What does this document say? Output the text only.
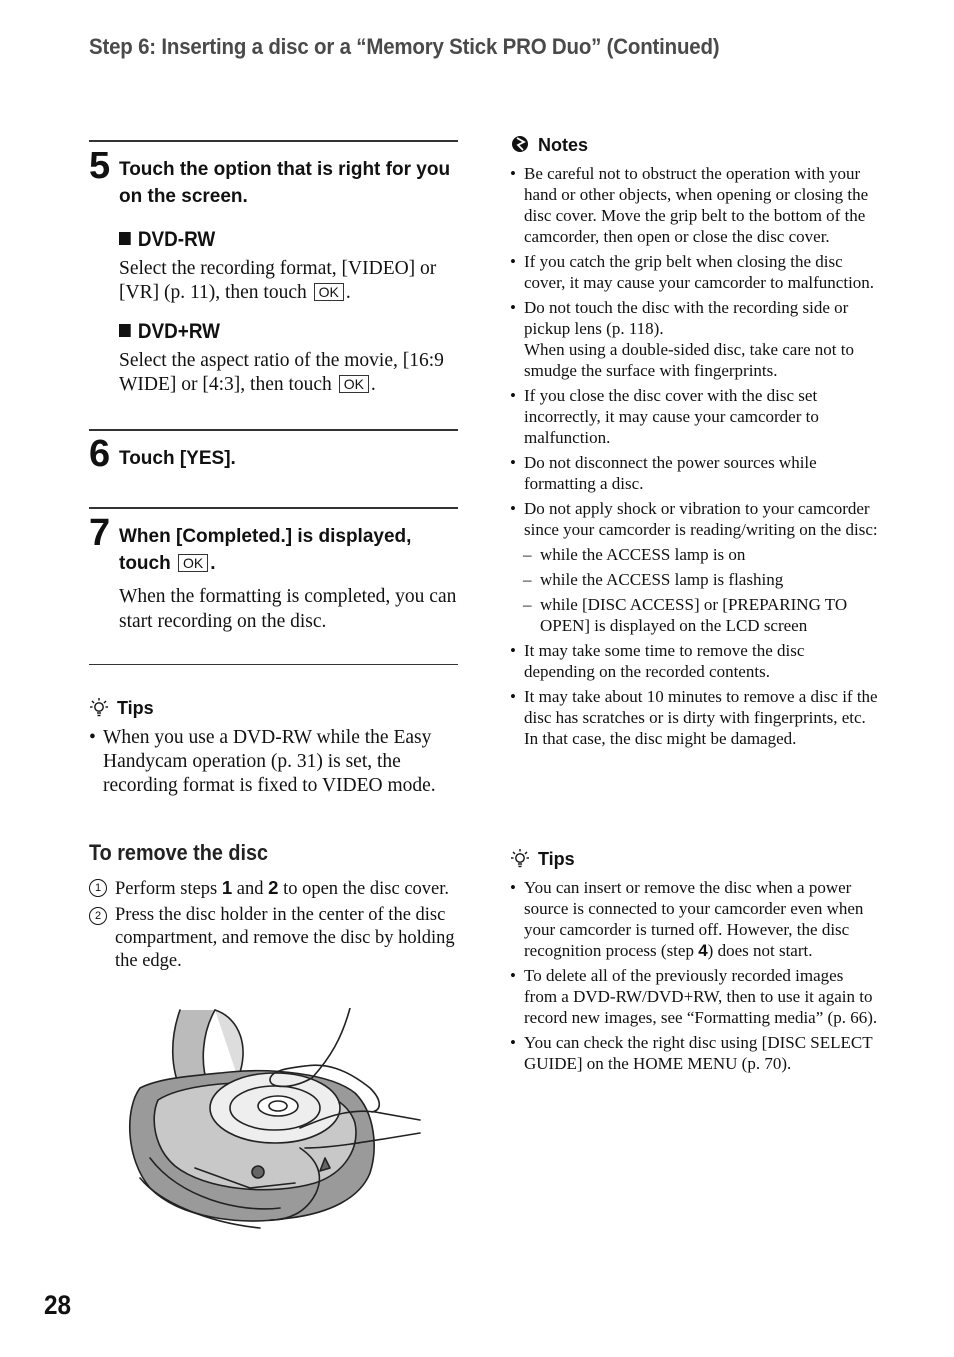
Step 6: Inserting a disc or a “Memory Stick PRO Duo” (Continued)
5 Touch the option that is right for you on the screen.
DVD-RW
Select the recording format, [VIDEO] or [VR] (p. 11), then touch OK .
DVD+RW
Select the aspect ratio of the movie, [16:9 WIDE] or [4:3], then touch OK .
6 Touch [YES].
7 When [Completed.] is displayed, touch OK .
When the formatting is completed, you can start recording on the disc.
Tips
• When you use a DVD-RW while the Easy Handycam operation (p. 31) is set, the recording format is fixed to VIDEO mode.
To remove the disc
1 Perform steps 1 and 2 to open the disc cover.
2 Press the disc holder in the center of the disc compartment, and remove the disc by holding the edge.
Notes
• Be careful not to obstruct the operation with your hand or other objects, when opening or closing the disc cover. Move the grip belt to the bottom of the camcorder, then open or close the disc cover.
• If you catch the grip belt when closing the disc cover, it may cause your camcorder to malfunction.
• Do not touch the disc with the recording side or pickup lens (p. 118).
When using a double-sided disc, take care not to smudge the surface with fingerprints.
• If you close the disc cover with the disc set incorrectly, it may cause your camcorder to malfunction.
• Do not disconnect the power sources while formatting a disc.
• Do not apply shock or vibration to your camcorder since your camcorder is reading/writing on the disc:
– while the ACCESS lamp is on
– while the ACCESS lamp is flashing
– while [DISC ACCESS] or [PREPARING TO OPEN] is displayed on the LCD screen
• It may take some time to remove the disc depending on the recorded contents.
• It may take about 10 minutes to remove a disc if the disc has scratches or is dirty with fingerprints, etc. In that case, the disc might be damaged.
Tips
• You can insert or remove the disc when a power source is connected to your camcorder even when your camcorder is turned off. However, the disc recognition process (step 4) does not start.
• To delete all of the previously recorded images from a DVD-RW/DVD+RW, then to use it again to record new images, see “Formatting media” (p. 66).
• You can check the right disc using [DISC SELECT GUIDE] on the HOME MENU (p. 70).
28
